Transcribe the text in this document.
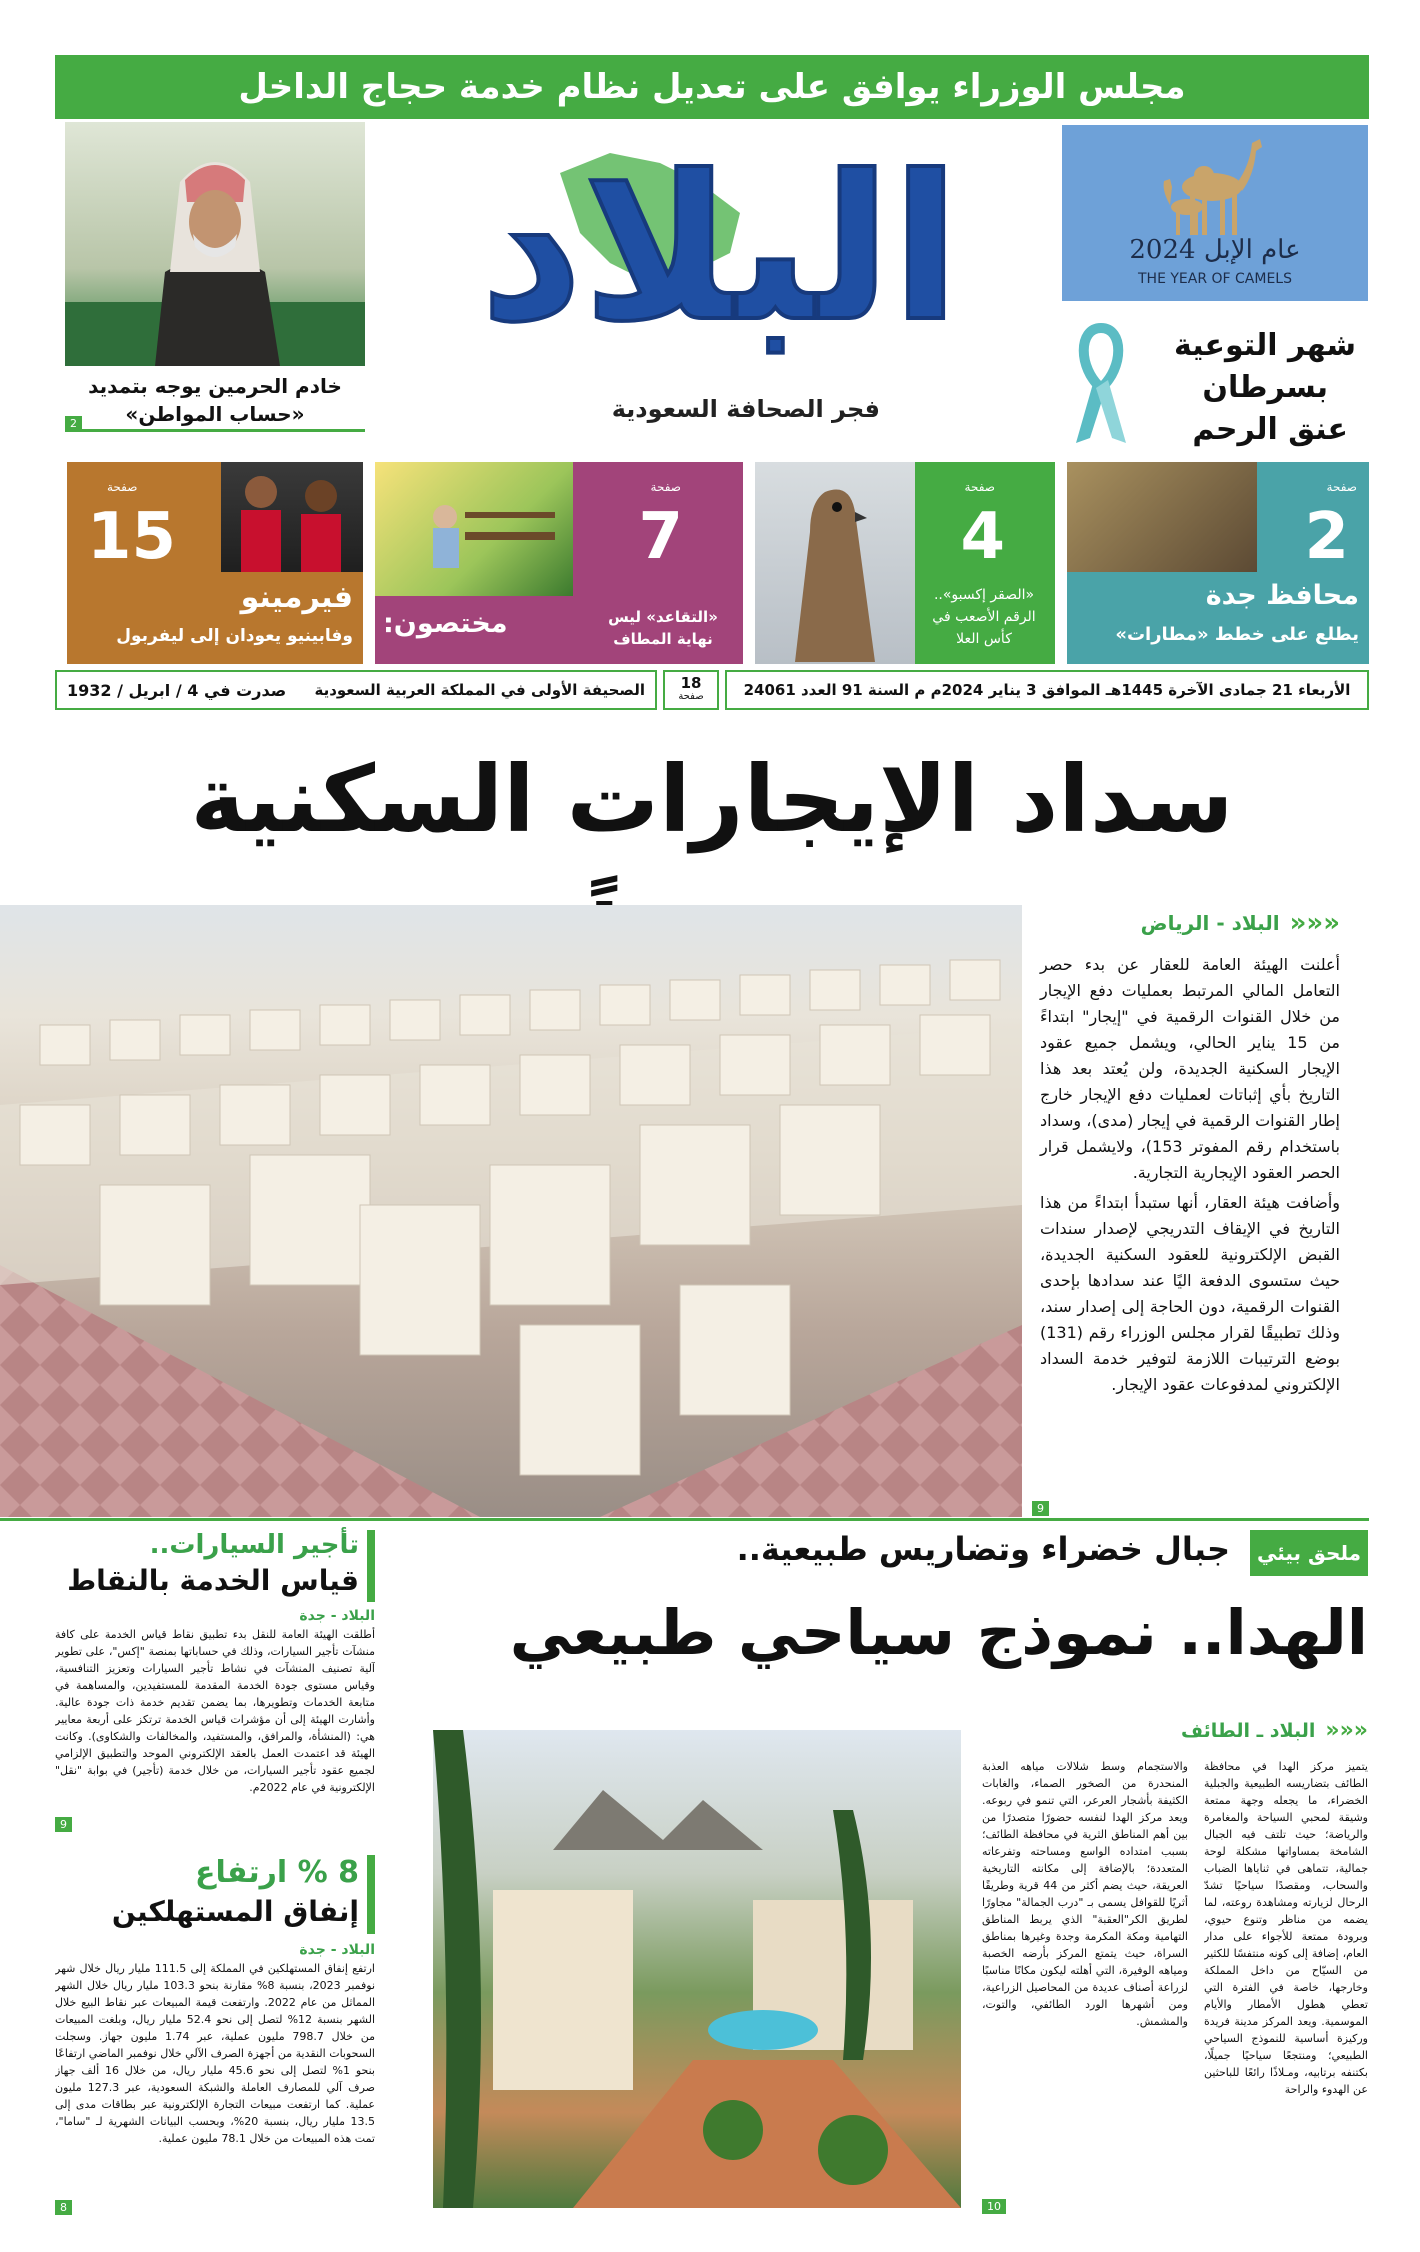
مجلس الوزراء يوافق على تعديل نظام خدمة حجاج الداخل
عام الإبل 2024
THE YEAR OF CAMELS
شهر التوعية
بسرطان
عنق الرحم
البلاد
فجر الصحافة السعودية
خادم الحرمين يوجه بتمديد «حساب المواطن»
2
صفحة
2
محافظ جدة
يطلع على خطط «مطارات»
صفحة
4
«الصقر إكسبو».. الرقم الأصعب في كأس العلا
صفحة
7
مختصون:	«التقاعد» ليس نهاية المطاف
صفحة
15
فيرمينو
وفابينيو يعودان إلى ليفربول
الأربعاء 21 جمادى الآخرة 1445هـ الموافق 3 يناير 2024م م السنة 91 العدد 24061
18
صفحة
الصحيفة الأولى في المملكة العربية السعودية
صدرت في 4 / ابريل / 1932
سداد الإيجارات السكنية
«««
البلاد - الرياض

أعلنت الهيئة العامة للعقار عن بدء حصر التعامل المالي المرتبط بعمليات دفع الإيجار من خلال القنوات الرقمية في "إيجار" ابتداءً من 15 يناير الحالي، ويشمل جميع عقود الإيجار السكنية الجديدة، ولن يُعتد بعد هذا التاريخ بأي إثباتات لعمليات دفع الإيجار خارج إطار القنوات الرقمية في إيجار (مدى)، وسداد باستخدام رقم المفوتر 153)، ولايشمل قرار الحصر العقود الإيجارية التجارية.

وأضافت هيئة العقار، أنها ستبدأ ابتداءً من هذا التاريخ في الإيقاف التدريجي لإصدار سندات القبض الإلكترونية للعقود السكنية الجديدة، حيث ستسوى الدفعة اليًا عند سدادها بإحدى القنوات الرقمية، دون الحاجة إلى إصدار سند، وذلك تطبيقًا لقرار مجلس الوزراء رقم (131) بوضع الترتيبات اللازمة لتوفير خدمة السداد الإلكتروني لمدفوعات عقود الإيجار.

9
ملحق بيئي
جبال خضراء وتضاريس طبيعية..
الهدا.. نموذج سياحي طبيعي
«««
البلاد ـ الطائف

يتميز مركز الهدا في محافظة الطائف بتضاريسه الطبيعية والجبلية الخضراء، ما يجعله وجهة ممتعة وشيقة لمحبي السياحة والمغامرة والرياضة؛ حيث تلتف فيه الجبال الشامخة بمساواتها مشكلة لوحة جمالية، تتماهى في ثناياها الضباب والسحاب، ومقصدًا سياحيًا تشدّ الرحال لزيارته ومشاهدة روعته، لما يضمه من مناظر وتنوع حيوي، وبرودة ممتعة للأجواء على مدار العام، إضافة إلى كونه منتفسًا للكثير من السيّاح من داخل المملكة وخارجها، خاصة في الفترة التي تعطي هطول الأمطار والأيام الموسمية. ويعد المركز مدينة فريدة وركيزة أساسية للنموذج السياحي الطبيعي؛ ومنتجعًا سياحيًا جميلًا، بكتنفه برتابيه، ومـلاذًا رائعًا للباحثين عن الهدوء والراحة

والاستجمام وسط شلالات مياهه العذبة المنحدرة من الصخور الصماء، والغابات الكثيفة بأشجار العرعر، التي تنمو في ربوعه. ويعد مركز الهدا لنفسه حضورًا متصدرًا من بين أهم المناطق الثرية في محافظة الطائف؛ بسبب امتداده الواسع ومساحته وتفرعاته المتعددة؛ بالإضافة إلى مكانته التاريخية العريقة، حيث يضم أكثر من 44 قرية وطريقًا أثريًا للقوافل يسمى بـ "درب الجمالة" مجاورًا لطريق الكر"العقبة" الذي يربط المناطق التهامية ومكة المكرمة وجدة وغيرها بمناطق السراة، حيث يتمتع المركز بأرضه الخصبة ومياهه الوفيرة، التي أهلته ليكون مكانًا مناسبًا لزراعة أصناف عديدة من المحاصيل الزراعية، ومن أشهرها الورد الطائفي، والتوت، والمشمش.

10
تأجير السيارات..
قياس الخدمة بالنقاط
البلاد - جدة

أطلقت الهيئة العامة للنقل بدء تطبيق نقاط قياس الخدمة على كافة منشآت تأجير السيارات، وذلك في حساباتها بمنصة "إكس"، على تطوير آلية تصنيف المنشآت في نشاط تأجير السيارات وتعزيز التنافسية، وقياس مستوى جودة الخدمة المقدمة للمستفيدين، والمساهمة في متابعة الخدمات وتطويرها، بما يضمن تقديم خدمة ذات جودة عالية. وأشارت الهيئة إلى أن مؤشرات قياس الخدمة ترتكز على أربعة معايير هي: (المنشأة، والمرافق، والمستفيد، والمخالفات والشكاوى). وكانت الهيئة قد اعتمدت العمل بالعقد الإلكتروني الموحد والتطبيق الإلزامي لجميع عقود تأجير السيارات، من خلال خدمة (تأجير) في بوابة "نقل" الإلكترونية في عام 2022م.

9
8 % ارتفاع
إنفاق المستهلكين
البلاد - جدة

ارتفع إنفاق المستهلكين في المملكة إلى 111.5 مليار ريال خلال شهر نوفمبر 2023، بنسبة 8% مقارنة بنحو 103.3 مليار ريال خلال الشهر المماثل من عام 2022. وارتفعت قيمة المبيعات عبر نقاط البيع خلال الشهر بنسبة 12% لتصل إلى نحو 52.4 مليار ريال، وبلغت المبيعات من خلال 798.7 مليون عملية، عبر 1.74 مليون جهاز. وسجلت السحوبات النقدية من أجهزة الصرف الآلي خلال نوفمبر الماضي ارتفاعًا بنحو 1% لتصل إلى نحو 45.6 مليار ريال، من خلال 16 ألف جهاز صرف آلي للمصارف العاملة والشبكة السعودية، عبر 127.3 مليون عملية. كما ارتفعت مبيعات التجارة الإلكترونية عبر بطاقات مدى إلى 13.5 مليار ريال، بنسبة 20%، وبحسب البيانات الشهرية لـ "ساما"، تمت هذه المبيعات من خلال 78.1 مليون عملية.

8
